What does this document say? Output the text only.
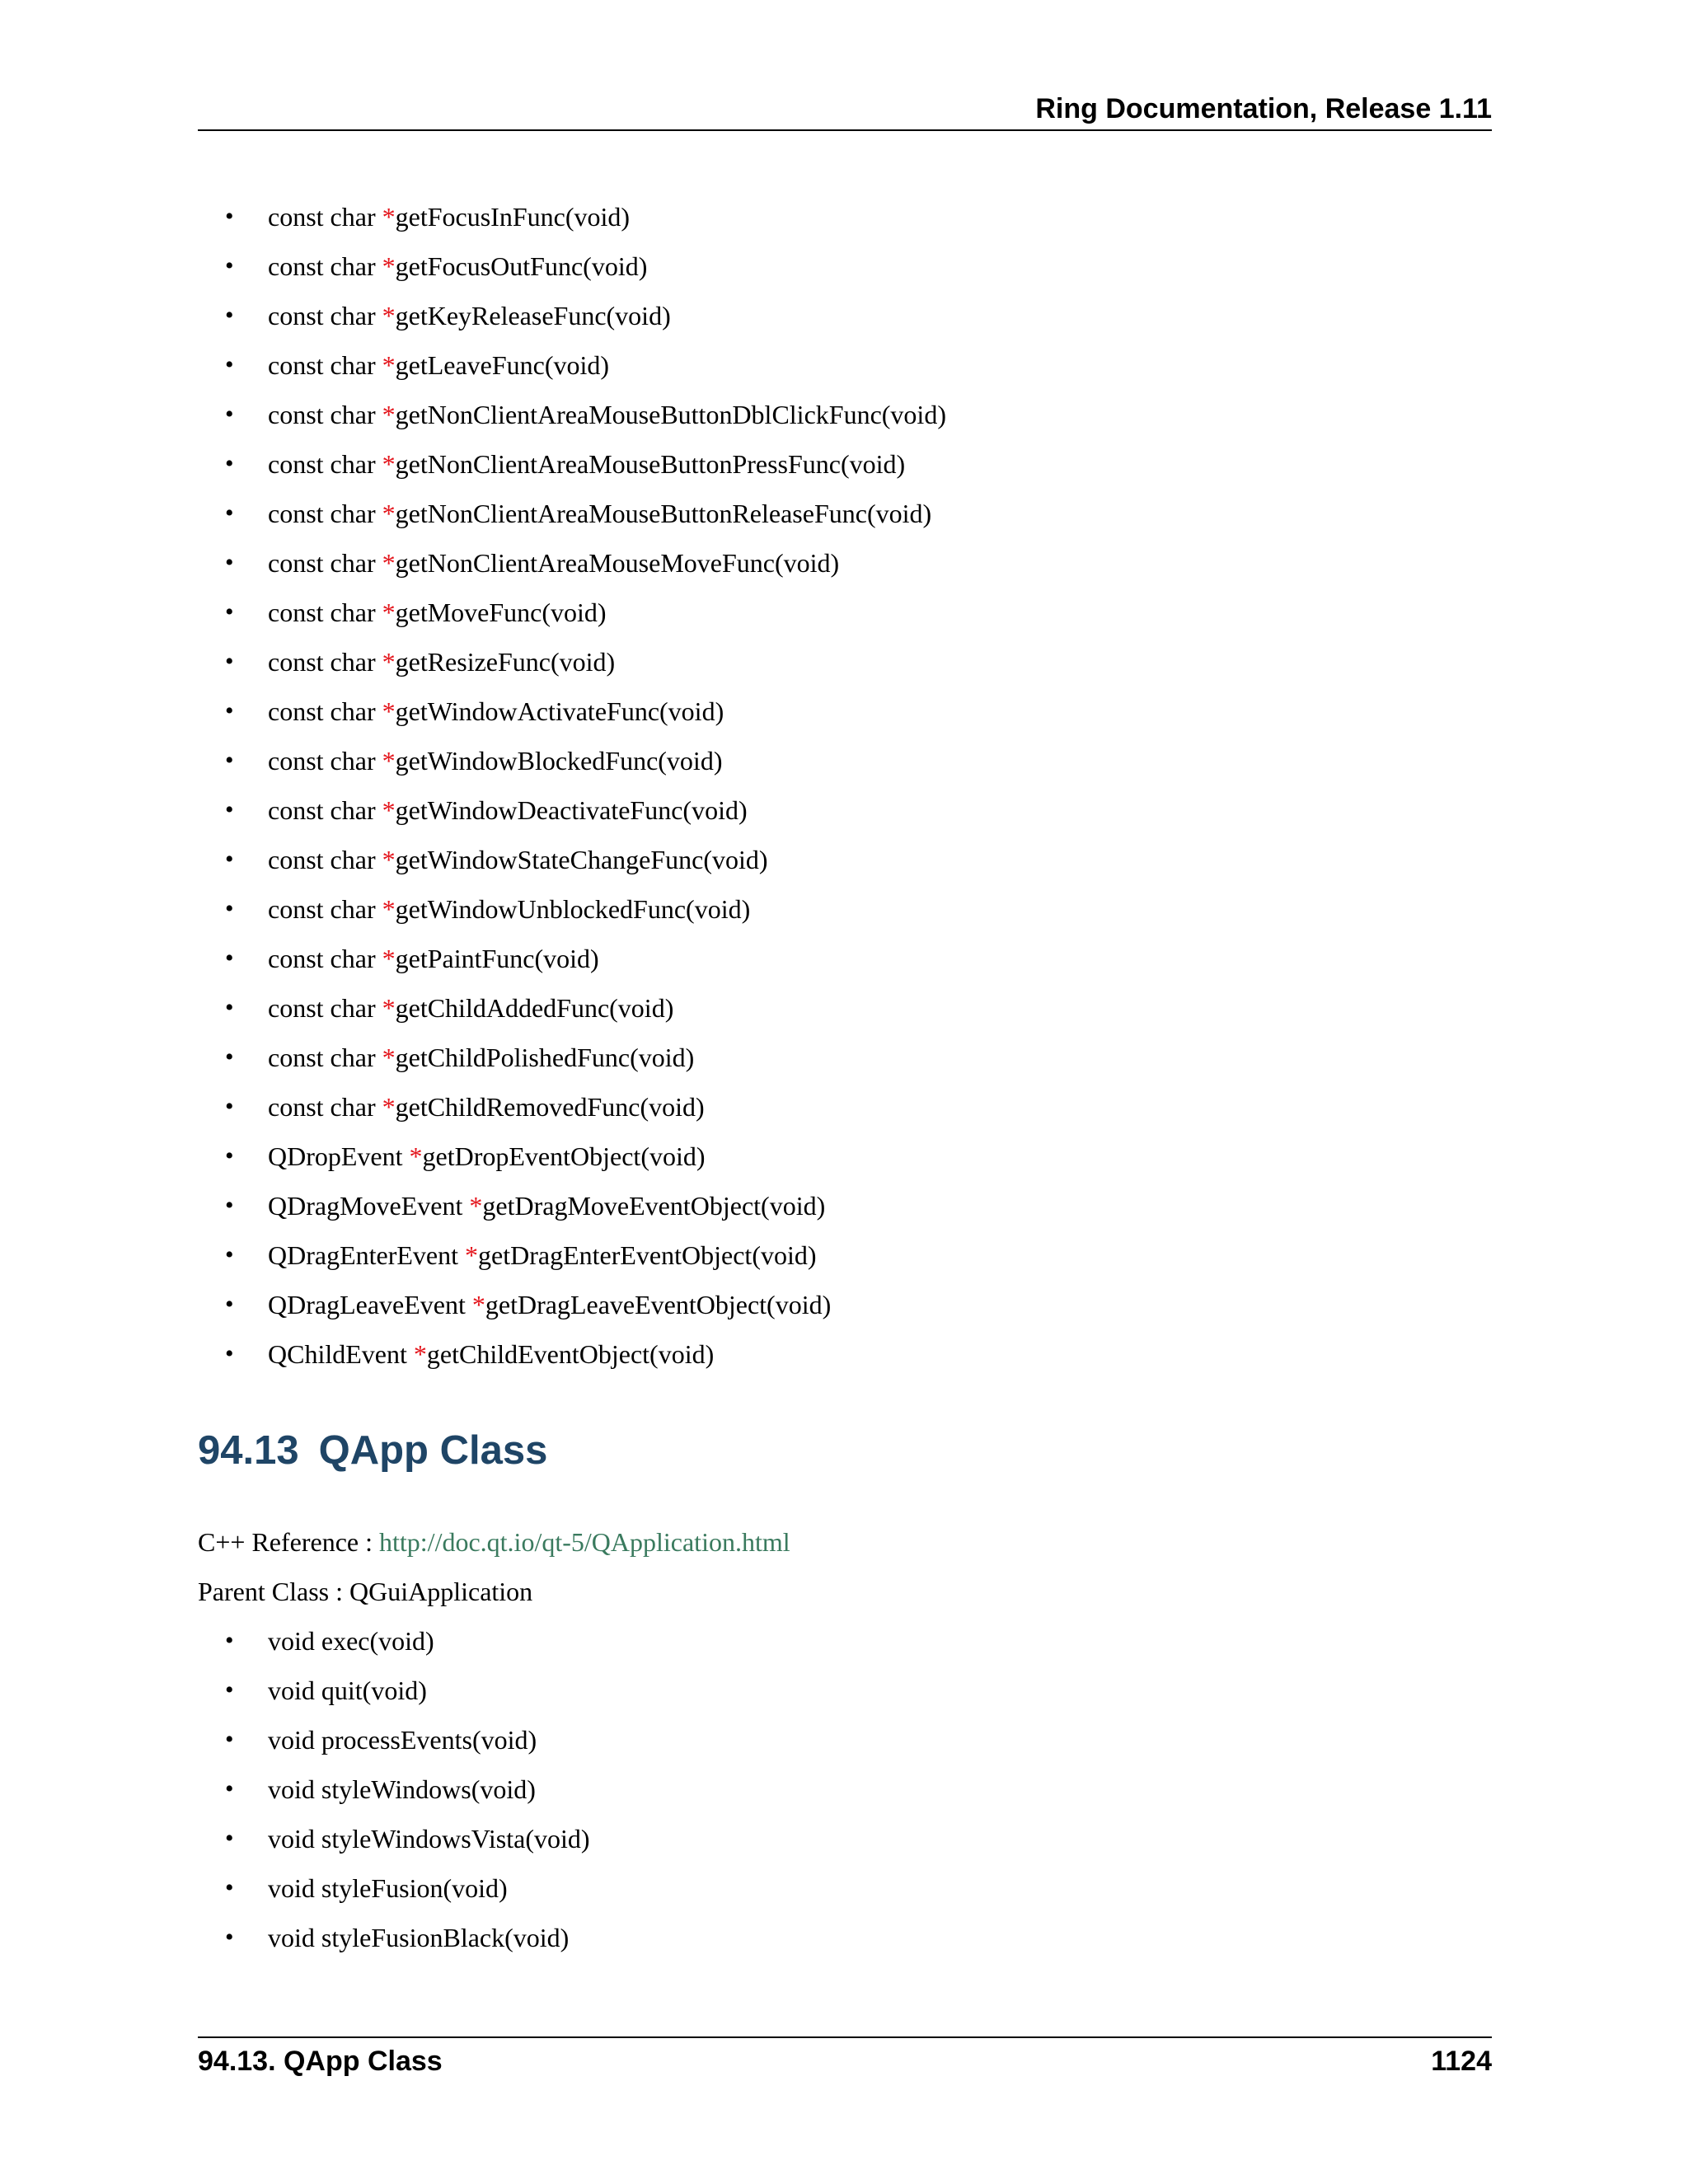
Ring Documentation, Release 1.11
• const char *getFocusInFunc(void)
• const char *getFocusOutFunc(void)
• const char *getKeyReleaseFunc(void)
• const char *getLeaveFunc(void)
• const char *getNonClientAreaMouseButtonDblClickFunc(void)
• const char *getNonClientAreaMouseButtonPressFunc(void)
• const char *getNonClientAreaMouseButtonReleaseFunc(void)
• const char *getNonClientAreaMouseMoveFunc(void)
• const char *getMoveFunc(void)
• const char *getResizeFunc(void)
• const char *getWindowActivateFunc(void)
• const char *getWindowBlockedFunc(void)
• const char *getWindowDeactivateFunc(void)
• const char *getWindowStateChangeFunc(void)
• const char *getWindowUnblockedFunc(void)
• const char *getPaintFunc(void)
• const char *getChildAddedFunc(void)
• const char *getChildPolishedFunc(void)
• const char *getChildRemovedFunc(void)
• QDropEvent *getDropEventObject(void)
• QDragMoveEvent *getDragMoveEventObject(void)
• QDragEnterEvent *getDragEnterEventObject(void)
• QDragLeaveEvent *getDragLeaveEventObject(void)
• QChildEvent *getChildEventObject(void)
94.13 QApp Class

C++ Reference : http://doc.qt.io/qt-5/QApplication.html

Parent Class : QGuiApplication

• void exec(void)
• void quit(void)
• void processEvents(void)
• void styleWindows(void)
• void styleWindowsVista(void)
• void styleFusion(void)
• void styleFusionBlack(void)
94.13. QApp Class	1124
